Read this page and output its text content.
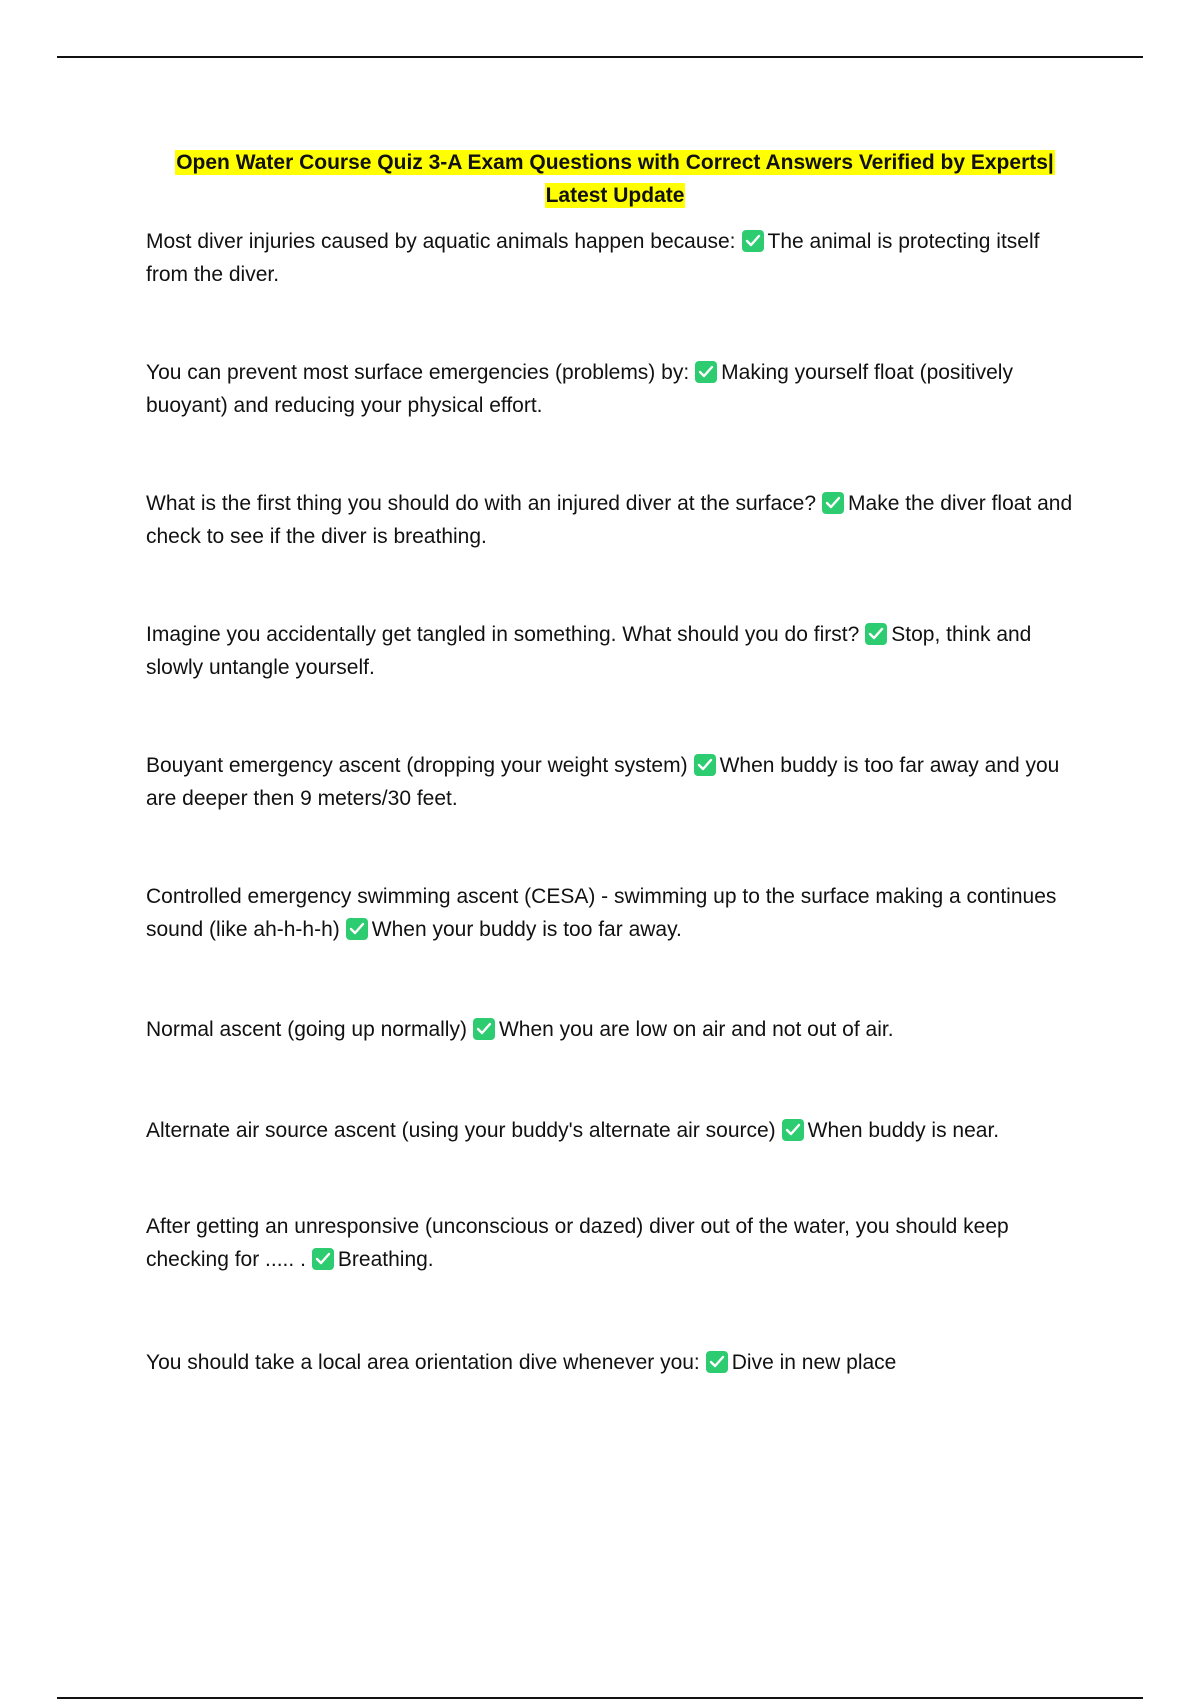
Open Water Course Quiz 3-A Exam Questions with Correct Answers Verified by Experts|
Latest Update
Most diver injuries caused by aquatic animals happen because: The animal is protecting itself from the diver.
You can prevent most surface emergencies (problems) by: Making yourself float (positively buoyant) and reducing your physical effort.
What is the first thing you should do with an injured diver at the surface? Make the diver float and check to see if the diver is breathing.
Imagine you accidentally get tangled in something. What should you do first? Stop, think and slowly untangle yourself.
Bouyant emergency ascent (dropping your weight system) When buddy is too far away and you are deeper then 9 meters/30 feet.
Controlled emergency swimming ascent (CESA) - swimming up to the surface making a continues sound (like ah-h-h-h) When your buddy is too far away.
Normal ascent (going up normally) When you are low on air and not out of air.
Alternate air source ascent (using your buddy's alternate air source) When buddy is near.
After getting an unresponsive (unconscious or dazed) diver out of the water, you should keep checking for ..... . Breathing.
You should take a local area orientation dive whenever you: Dive in new place
